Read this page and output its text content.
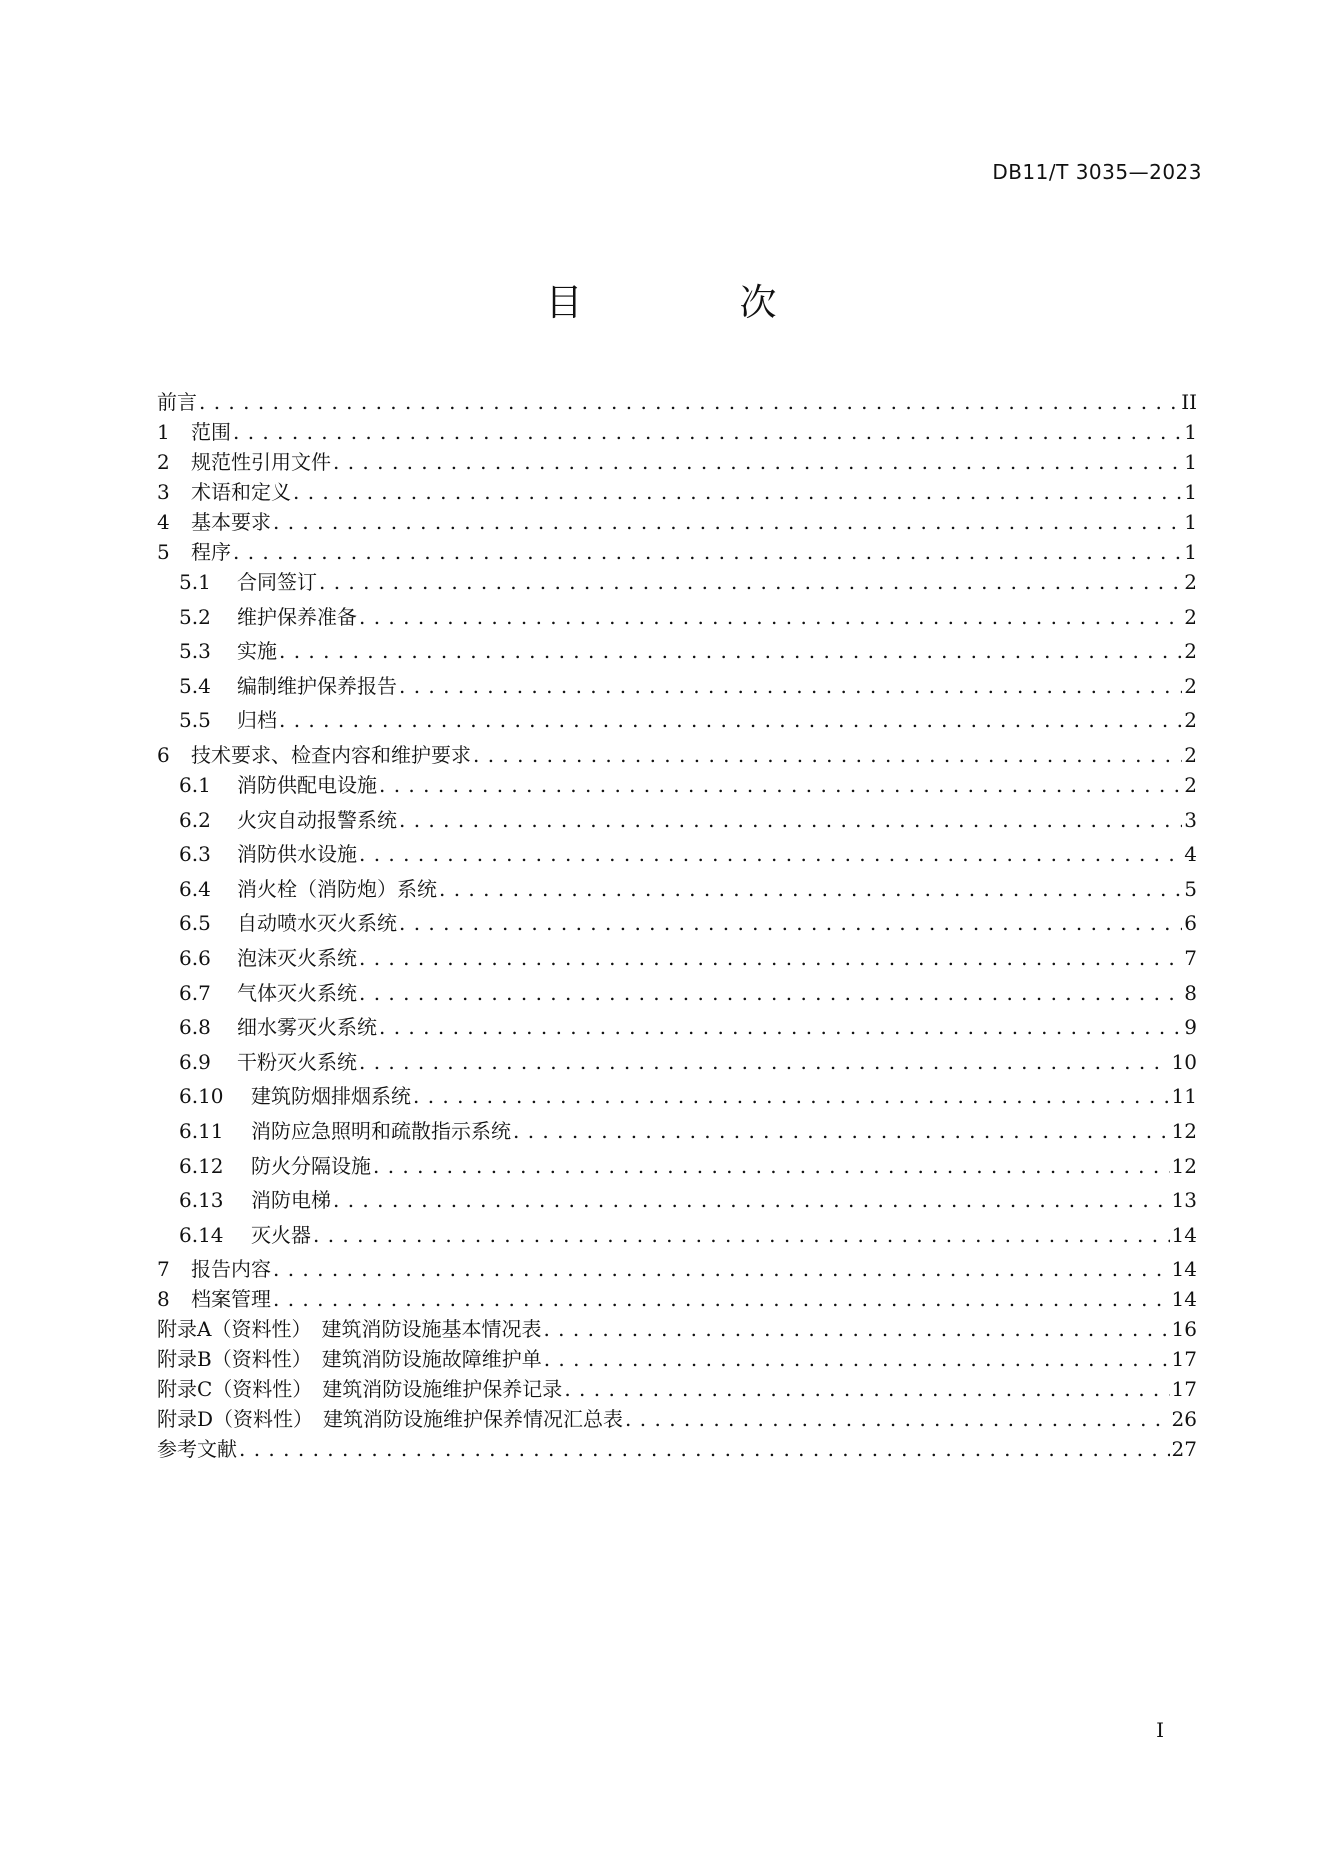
DB11/T 3035—2023
目　次
前言 . . .	II
1 范围 . . .	1
2 规范性引用文件 . . .	1
3 术语和定义 . . .	1
4 基本要求 . . .	1
5 程序 . . .	1
5.1 合同签订 . . .	2
5.2 维护保养准备 . . .	2
5.3 实施 . . .	2
5.4 编制维护保养报告 . . .	2
5.5 归档 . . .	2
6 技术要求、检查内容和维护要求 . . .	2
6.1 消防供配电设施 . . .	2
6.2 火灾自动报警系统 . . .	3
6.3 消防供水设施 . . .	4
6.4 消火栓（消防炮）系统 . . .	5
6.5 自动喷水灭火系统 . . .	6
6.6 泡沫灭火系统 . . .	7
6.7 气体灭火系统 . . .	8
6.8 细水雾灭火系统 . . .	9
6.9 干粉灭火系统 . . .	10
6.10 建筑防烟排烟系统 . . .	11
6.11 消防应急照明和疏散指示系统 . . .	12
6.12 防火分隔设施 . . .	12
6.13 消防电梯 . . .	13
6.14 灭火器 . . .	14
7 报告内容 . . .	14
8 档案管理 . . .	14
附录A（资料性）　建筑消防设施基本情况表 . . .	16
附录B（资料性）　建筑消防设施故障维护单 . . .	17
附录C（资料性）　建筑消防设施维护保养记录 . . .	17
附录D（资料性）　建筑消防设施维护保养情况汇总表 . . .	26
参考文献 . . .	27
I
